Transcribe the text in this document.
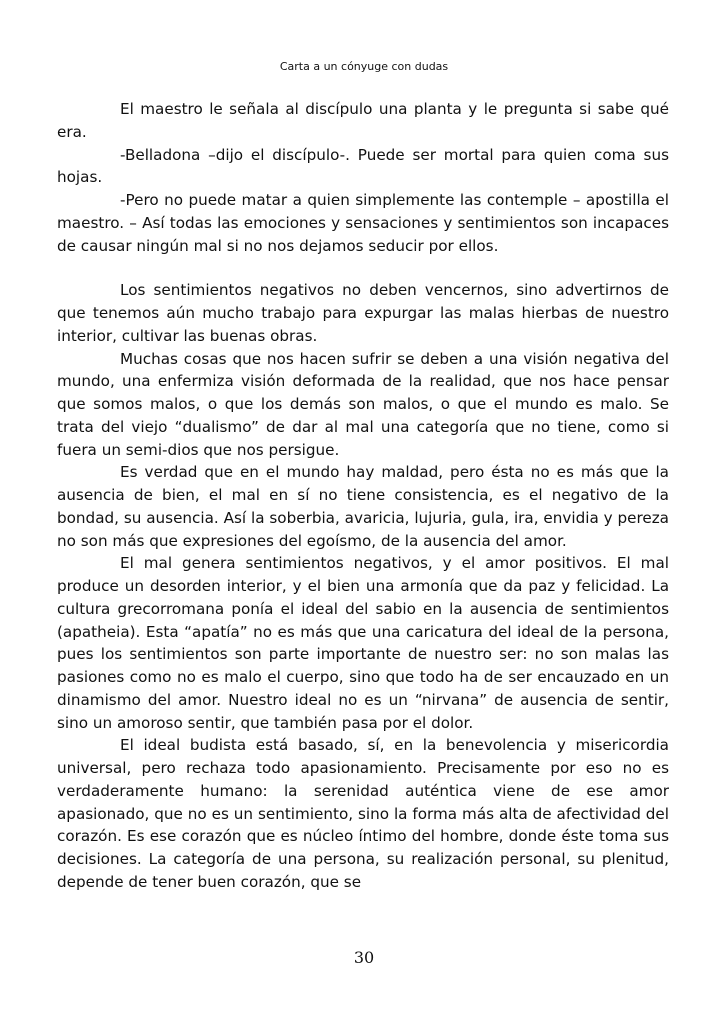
Carta a un cónyuge con dudas

El maestro le señala al discípulo una planta y le pregunta si sabe qué era.

-Belladona –dijo el discípulo-. Puede ser mortal para quien coma sus hojas.

-Pero no puede matar a quien simplemente las contemple – apostilla el maestro. – Así todas las emociones y sensaciones y sentimientos son incapaces de causar ningún mal si no nos dejamos seducir por ellos.

Los sentimientos negativos no deben vencernos, sino advertirnos de que tenemos aún mucho trabajo para expurgar las malas hierbas de nuestro interior, cultivar las buenas obras.

Muchas cosas que nos hacen sufrir se deben a una visión negativa del mundo, una enfermiza visión deformada de la realidad, que nos hace pensar que somos malos, o que los demás son malos, o que el mundo es malo. Se trata del viejo “dualismo” de dar al mal una categoría que no tiene, como si fuera un semi-dios que nos persigue.

Es verdad que en el mundo hay maldad, pero ésta no es más que la ausencia de bien, el mal en sí no tiene consistencia, es el negativo de la bondad, su ausencia. Así la soberbia, avaricia, lujuria, gula, ira, envidia y pereza no son más que expresiones del egoísmo, de la ausencia del amor.

El mal genera sentimientos negativos, y el amor positivos. El mal produce un desorden interior, y el bien una armonía que da paz y felicidad. La cultura grecorromana ponía el ideal del sabio en la ausencia de sentimientos (apatheia). Esta “apatía” no es más que una caricatura del ideal de la persona, pues los sentimientos son parte importante de nuestro ser: no son malas las pasiones como no es malo el cuerpo, sino que todo ha de ser encauzado en un dinamismo del amor. Nuestro ideal no es un “nirvana” de ausencia de sentir, sino un amoroso sentir, que también pasa por el dolor.

El ideal budista está basado, sí, en la benevolencia y misericordia universal, pero rechaza todo apasionamiento. Precisamente por eso no es verdaderamente humano: la serenidad auténtica viene de ese amor apasionado, que no es un sentimiento, sino la forma más alta de afectividad del corazón. Es ese corazón que es núcleo íntimo del hombre, donde éste toma sus decisiones. La categoría de una persona, su realización personal, su plenitud, depende de tener buen corazón, que se

30
